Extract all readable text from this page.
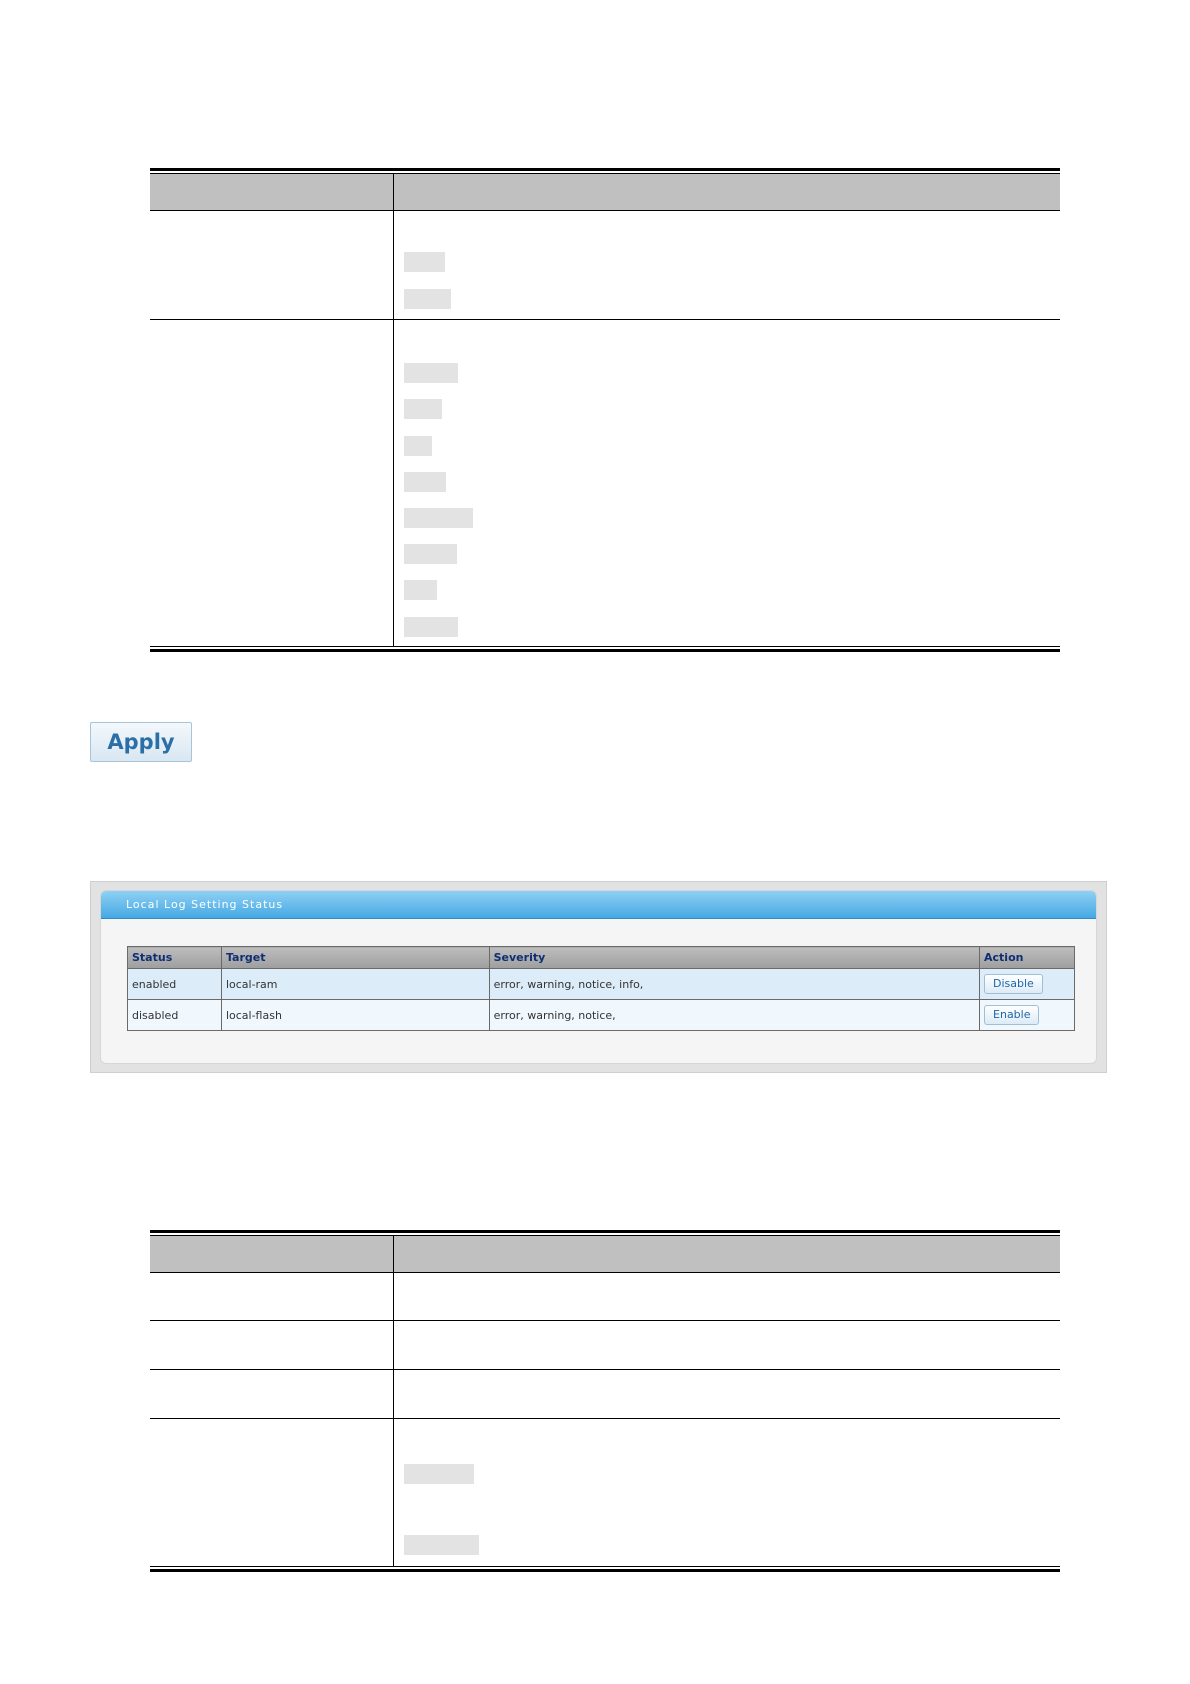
Apply
Local Log Setting Status
Status	Target	Severity	Action
enabled	local-ram	error, warning, notice, info,	Disable
disabled	local-flash	error, warning, notice,	Enable
